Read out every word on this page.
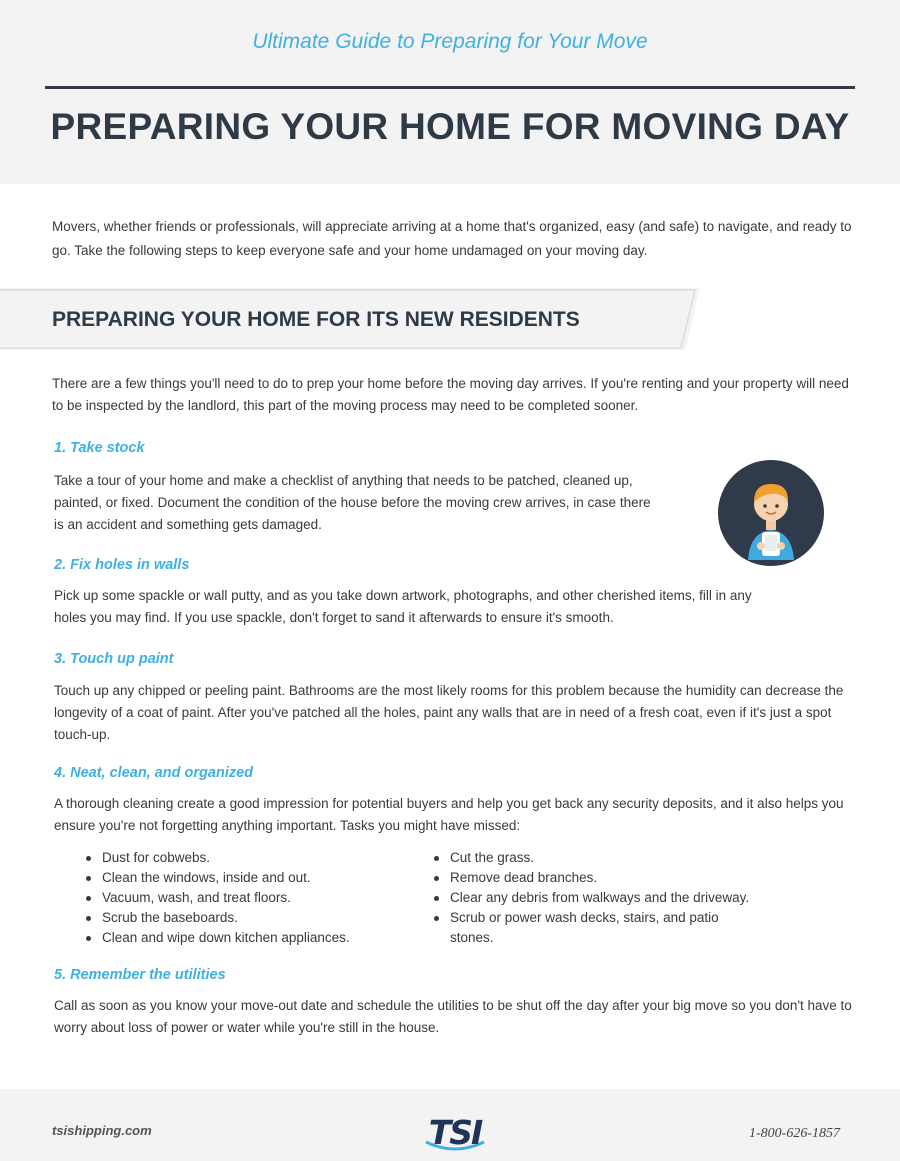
Ultimate Guide to Preparing for Your Move
PREPARING YOUR HOME FOR MOVING DAY

Movers, whether friends or professionals, will appreciate arriving at a home that's organized, easy (and safe) to navigate, and ready to go. Take the following steps to keep everyone safe and your home undamaged on your moving day.

PREPARING YOUR HOME FOR ITS NEW RESIDENTS

There are a few things you'll need to do to prep your home before the moving day arrives. If you're renting and your property will need to be inspected by the landlord, this part of the moving process may need to be completed sooner.

1. Take stock

Take a tour of your home and make a checklist of anything that needs to be patched, cleaned up, painted, or fixed. Document the condition of the house before the moving crew arrives, in case there is an accident and something gets damaged.

2. Fix holes in walls

Pick up some spackle or wall putty, and as you take down artwork, photographs, and other cherished items, fill in any holes you may find. If you use spackle, don't forget to sand it afterwards to ensure it's smooth.

3. Touch up paint

Touch up any chipped or peeling paint. Bathrooms are the most likely rooms for this problem because the humidity can decrease the longevity of a coat of paint. After you've patched all the holes, paint any walls that are in need of a fresh coat, even if it's just a spot touch-up.

4. Neat, clean, and organized

A thorough cleaning create a good impression for potential buyers and help you get back any security deposits, and it also helps you ensure you're not forgetting anything important. Tasks you might have missed:

Dust for cobwebs.
Clean the windows, inside and out.
Vacuum, wash, and treat floors.
Scrub the baseboards.
Clean and wipe down kitchen appliances.
Cut the grass.
Remove dead branches.
Clear any debris from walkways and the driveway.
Scrub or power wash decks, stairs, and patio stones.
5. Remember the utilities

Call as soon as you know your move-out date and schedule the utilities to be shut off the day after your big move so you don't have to worry about loss of power or water while you're still in the house.

tsishipping.com	TSI	1-800-626-1857
